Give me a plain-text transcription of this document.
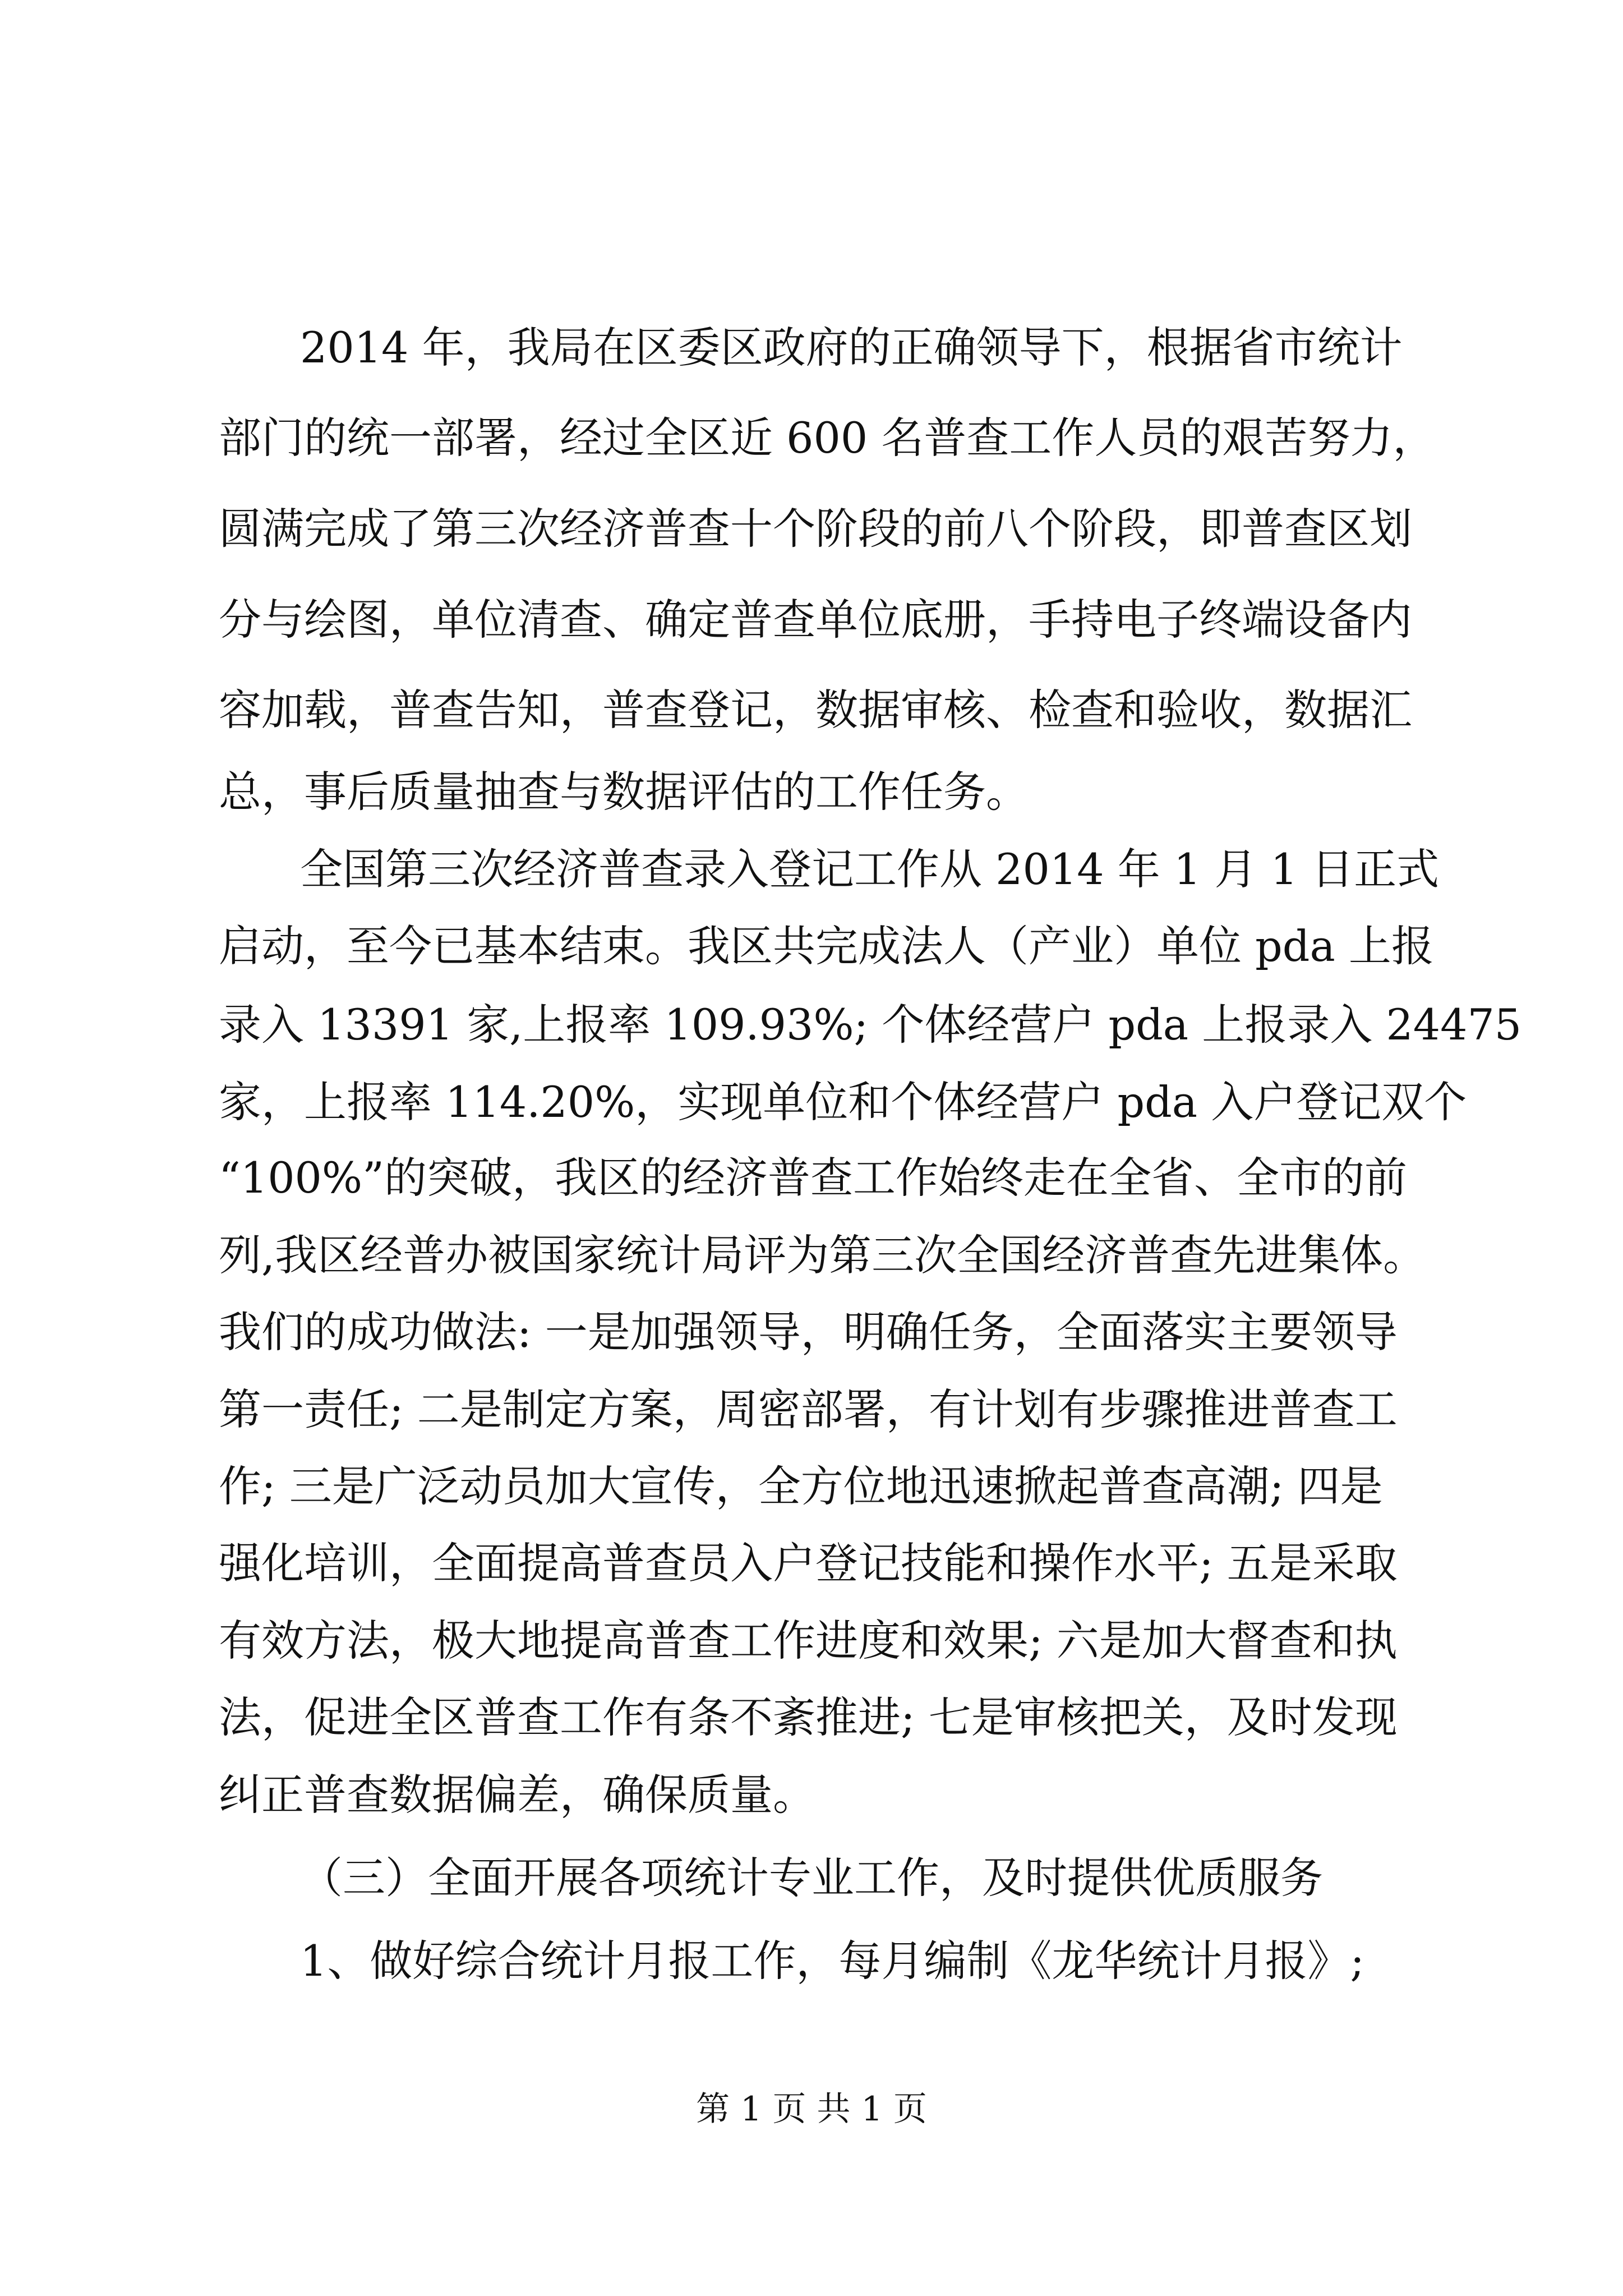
2014 年，我局在区委区政府的正确领导下，根据省市统计
部门的统一部署，经过全区近 600 名普查工作人员的艰苦努力，
圆满完成了第三次经济普查十个阶段的前八个阶段，即普查区划
分与绘图，单位清查、确定普查单位底册，手持电子终端设备内
容加载，普查告知，普查登记，数据审核、检查和验收，数据汇
总，事后质量抽查与数据评估的工作任务。
全国第三次经济普查录入登记工作从 2014 年 1 月 1 日正式
启动，至今已基本结束。我区共完成法人（产业）单位 pda 上报
录入 13391 家,上报率 109.93%; 个体经营户 pda 上报录入 24475
家，上报率 114.20%，实现单位和个体经营户 pda 入户登记双个
“100%”的突破，我区的经济普查工作始终走在全省、全市的前
列,我区经普办被国家统计局评为第三次全国经济普查先进集体。
我们的成功做法: 一是加强领导，明确任务，全面落实主要领导
第一责任; 二是制定方案，周密部署，有计划有步骤推进普查工
作; 三是广泛动员加大宣传，全方位地迅速掀起普查高潮; 四是
强化培训，全面提高普查员入户登记技能和操作水平; 五是采取
有效方法，极大地提高普查工作进度和效果; 六是加大督查和执
法，促进全区普查工作有条不紊推进; 七是审核把关，及时发现
纠正普查数据偏差，确保质量。
（三）全面开展各项统计专业工作，及时提供优质服务
1、做好综合统计月报工作，每月编制《龙华统计月报》;
第 1 页 共 1 页
